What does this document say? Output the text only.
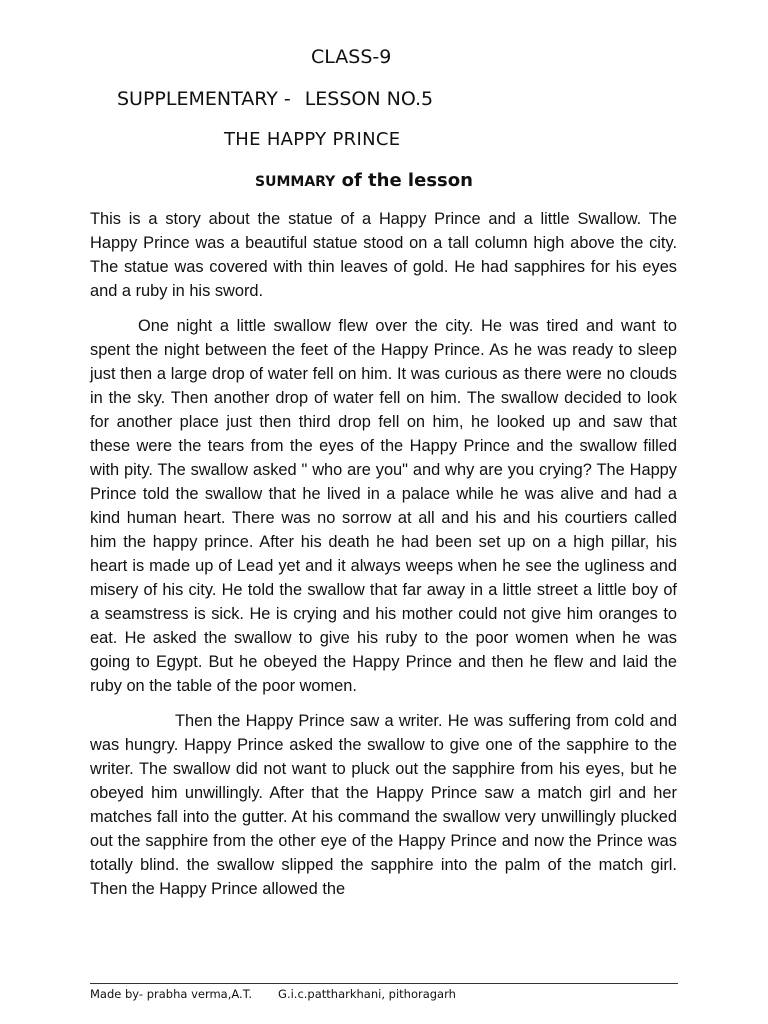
CLASS-9
SUPPLEMENTARY - LESSON NO.5
THE HAPPY PRINCE
SUMMARY of the lesson

This is a story about the statue of a Happy Prince and a little Swallow. The Happy Prince was a beautiful statue stood on a tall column high above the city. The statue was covered with thin leaves of gold. He had sapphires for his eyes and a ruby in his sword.

One night a little swallow flew over the city. He was tired and want to spent the night between the feet of the Happy Prince. As he was ready to sleep just then a large drop of water fell on him. It was curious as there were no clouds in the sky. Then another drop of water fell on him. The swallow decided to look for another place just then third drop fell on him, he looked up and saw that these were the tears from the eyes of the Happy Prince and the swallow filled with pity. The swallow asked " who are you" and why are you crying? The Happy Prince told the swallow that he lived in a palace while he was alive and had a kind human heart. There was no sorrow at all and his and his courtiers called him the happy prince. After his death he had been set up on a high pillar, his heart is made up of Lead yet and it always weeps when he see the ugliness and misery of his city. He told the swallow that far away in a little street a little boy of a seamstress is sick. He is crying and his mother could not give him oranges to eat. He asked the swallow to give his ruby to the poor women when he was going to Egypt. But he obeyed the Happy Prince and then he flew and laid the ruby on the table of the poor women.

Then the Happy Prince saw a writer. He was suffering from cold and was hungry. Happy Prince asked the swallow to give one of the sapphire to the writer. The swallow did not want to pluck out the sapphire from his eyes, but he obeyed him unwillingly. After that the Happy Prince saw a match girl and her matches fall into the gutter. At his command the swallow very unwillingly plucked out the sapphire from the other eye of the Happy Prince and now the Prince was totally blind. the swallow slipped the sapphire into the palm of the match girl. Then the Happy Prince allowed the

Made by- prabha verma,A.T. G.i.c.pattharkhani, pithoragarh
